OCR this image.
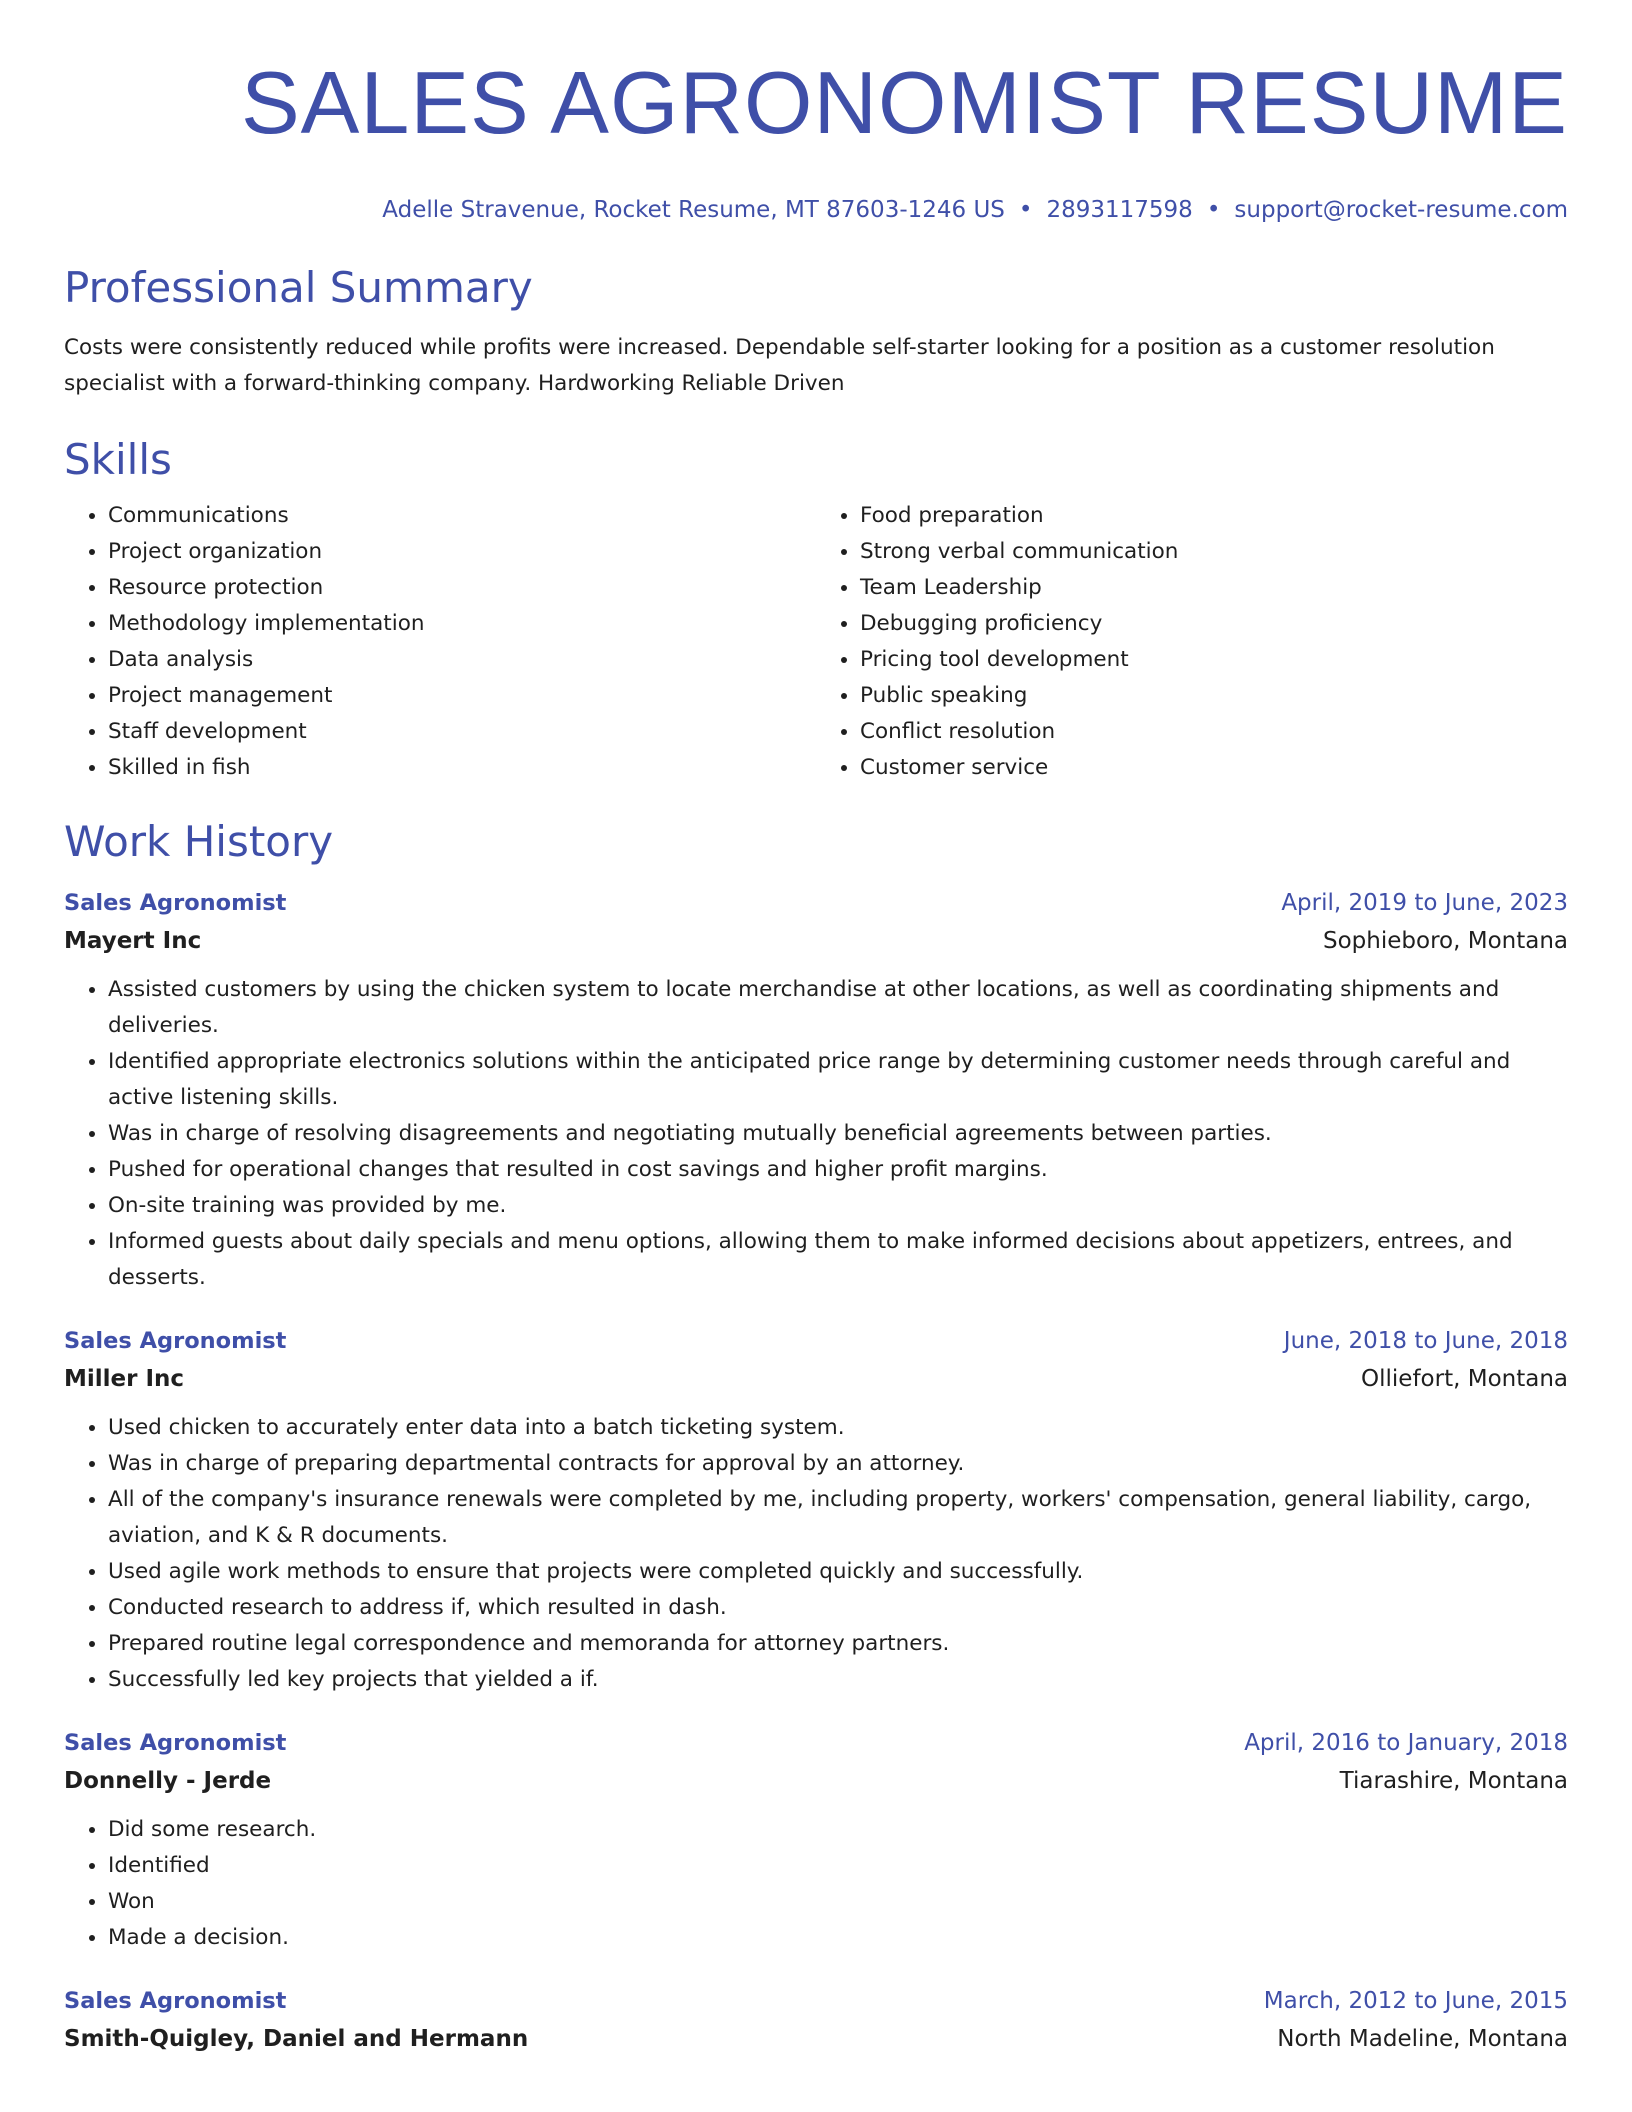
SALES AGRONOMIST RESUME
Adelle Stravenue, Rocket Resume, MT 87603-1246 US • 2893117598 • support@rocket-resume.com
Professional Summary
Costs were consistently reduced while profits were increased. Dependable self-starter looking for a position as a customer resolution specialist with a forward-thinking company. Hardworking Reliable Driven
Skills
• Communications
• Project organization
• Resource protection
• Methodology implementation
• Data analysis
• Project management
• Staff development
• Skilled in fish
• Food preparation
• Strong verbal communication
• Team Leadership
• Debugging proficiency
• Pricing tool development
• Public speaking
• Conflict resolution
• Customer service
Work History
Sales Agronomist	April, 2019 to June, 2023
Mayert Inc	Sophieboro, Montana
• Assisted customers by using the chicken system to locate merchandise at other locations, as well as coordinating shipments and deliveries.
• Identified appropriate electronics solutions within the anticipated price range by determining customer needs through careful and active listening skills.
• Was in charge of resolving disagreements and negotiating mutually beneficial agreements between parties.
• Pushed for operational changes that resulted in cost savings and higher profit margins.
• On-site training was provided by me.
• Informed guests about daily specials and menu options, allowing them to make informed decisions about appetizers, entrees, and desserts.
Sales Agronomist	June, 2018 to June, 2018
Miller Inc	Olliefort, Montana
• Used chicken to accurately enter data into a batch ticketing system.
• Was in charge of preparing departmental contracts for approval by an attorney.
• All of the company's insurance renewals were completed by me, including property, workers' compensation, general liability, cargo, aviation, and K & R documents.
• Used agile work methods to ensure that projects were completed quickly and successfully.
• Conducted research to address if, which resulted in dash.
• Prepared routine legal correspondence and memoranda for attorney partners.
• Successfully led key projects that yielded a if.
Sales Agronomist	April, 2016 to January, 2018
Donnelly - Jerde	Tiarashire, Montana
• Did some research.
• Identified
• Won
• Made a decision.
Sales Agronomist	March, 2012 to June, 2015
Smith-Quigley, Daniel and Hermann	North Madeline, Montana
